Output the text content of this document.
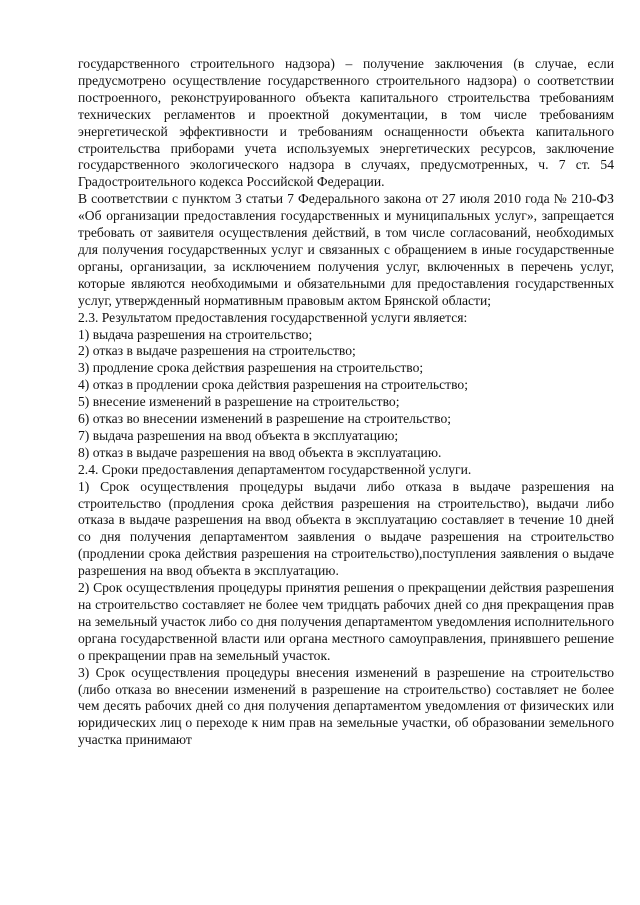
государственного строительного надзора) – получение заключения (в случае, если предусмотрено осуществление государственного строительного надзора) о соответствии построенного, реконструированного объекта капитального строительства требованиям технических регламентов и проектной документации, в том числе требованиям энергетической эффективности и требованиям оснащенности объекта капитального строительства приборами учета используемых энергетических ресурсов, заключение государственного экологического надзора в случаях, предусмотренных, ч. 7 ст. 54 Градостроительного кодекса Российской Федерации.

В соответствии с пунктом 3 статьи 7 Федерального закона от 27 июля 2010 года № 210-ФЗ «Об организации предоставления государственных и муниципальных услуг», запрещается требовать от заявителя осуществления действий, в том числе согласований, необходимых для получения государственных услуг и связанных с обращением в иные государственные органы, организации, за исключением получения услуг, включенных в перечень услуг, которые являются необходимыми и обязательными для предоставления государственных услуг, утвержденный нормативным правовым актом Брянской области;

2.3. Результатом предоставления государственной услуги является:

1) выдача разрешения на строительство;

2) отказ в выдаче разрешения на строительство;

3) продление срока действия разрешения на строительство;

4) отказ в продлении срока действия разрешения на строительство;

5) внесение изменений в разрешение на строительство;

6) отказ во внесении изменений в разрешение на строительство;

7) выдача разрешения на ввод объекта в эксплуатацию;

8) отказ в выдаче разрешения на ввод объекта в эксплуатацию.

2.4. Сроки предоставления департаментом государственной услуги.

1) Срок осуществления процедуры выдачи либо отказа в выдаче разрешения на строительство (продления срока действия разрешения на строительство), выдачи либо отказа в выдаче разрешения на ввод объекта в эксплуатацию составляет в течение 10 дней со дня получения департаментом заявления о выдаче разрешения на строительство (продлении срока действия разрешения на строительство),поступления заявления о выдаче разрешения на ввод объекта в эксплуатацию.

2) Срок осуществления процедуры принятия решения о прекращении действия разрешения на строительство составляет не более чем тридцать рабочих дней со дня прекращения прав на земельный участок либо со дня получения департаментом уведомления исполнительного органа государственной власти или органа местного самоуправления, принявшего решение о прекращении прав на земельный участок.

3) Срок осуществления процедуры внесения изменений в разрешение на строительство (либо отказа во внесении изменений в разрешение на строительство) составляет не более чем десять рабочих дней со дня получения департаментом уведомления от физических или юридических лиц о переходе к ним прав на земельные участки, об образовании земельного участка принимают
